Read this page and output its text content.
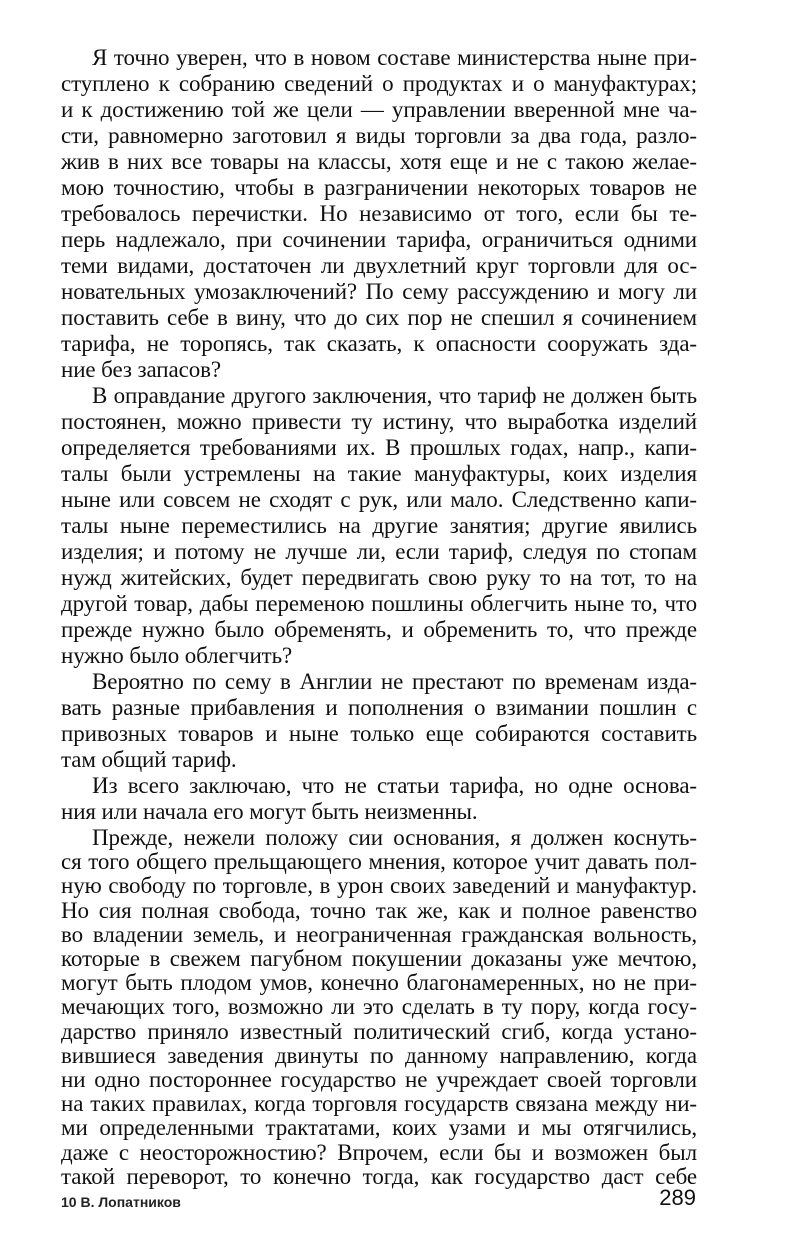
Я точно уверен, что в новом составе министерства ныне при-
ступлено к собранию сведений о продуктах и о мануфактурах;
и к достижению той же цели — управлении вверенной мне ча-
сти, равномерно заготовил я виды торговли за два года, разло-
жив в них все товары на классы, хотя еще и не с такою желае-
мою точностию, чтобы в разграничении некоторых товаров не
требовалось перечистки. Но независимо от того, если бы те-
перь надлежало, при сочинении тарифа, ограничиться одними
теми видами, достаточен ли двухлетний круг торговли для ос-
новательных умозаключений? По сему рассуждению и могу ли
поставить себе в вину, что до сих пор не спешил я сочинением
тарифа, не торопясь, так сказать, к опасности сооружать зда-
ние без запасов?
В оправдание другого заключения, что тариф не должен быть
постоянен, можно привести ту истину, что выработка изделий
определяется требованиями их. В прошлых годах, напр., капи-
талы были устремлены на такие мануфактуры, коих изделия
ныне или совсем не сходят с рук, или мало. Следственно капи-
талы ныне переместились на другие занятия; другие явились
изделия; и потому не лучше ли, если тариф, следуя по стопам
нужд житейских, будет передвигать свою руку то на тот, то на
другой товар, дабы переменою пошлины облегчить ныне то, что
прежде нужно было обременять, и обременить то, что прежде
нужно было облегчить?
Вероятно по сему в Англии не престают по временам изда-
вать разные прибавления и пополнения о взимании пошлин с
привозных товаров и ныне только еще собираются составить
там общий тариф.
Из всего заключаю, что не статьи тарифа, но одне основа-
ния или начала его могут быть неизменны.
Прежде, нежели положу сии основания, я должен коснуть-
ся того общего прельщающего мнения, которое учит давать пол-
ную свободу по торговле, в урон своих заведений и мануфактур.
Но сия полная свобода, точно так же, как и полное равенство
во владении земель, и неограниченная гражданская вольность,
которые в свежем пагубном покушении доказаны уже мечтою,
могут быть плодом умов, конечно благонамеренных, но не при-
мечающих того, возможно ли это сделать в ту пору, когда госу-
дарство приняло известный политический сгиб, когда устано-
вившиеся заведения двинуты по данному направлению, когда
ни одно постороннее государство не учреждает своей торговли
на таких правилах, когда торговля государств связана между ни-
ми определенными трактатами, коих узами и мы отягчились,
даже с неосторожностию? Впрочем, если бы и возможен был
такой переворот, то конечно тогда, как государство даст себе
10 В. Лопатников	289
